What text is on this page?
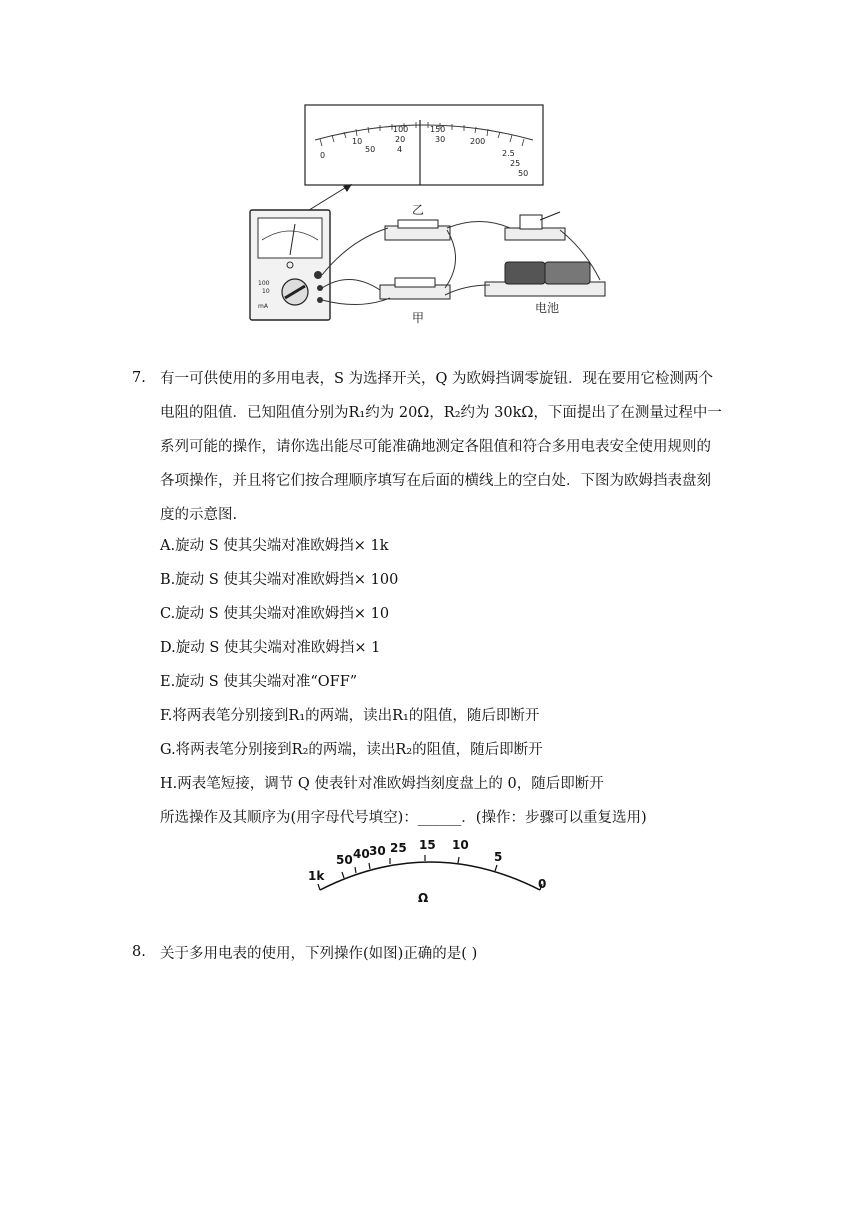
0
10
50
100
20
4
150
30	200
2.5
25
50
100
10
mA
乙
甲
电池
7. 有一可供使用的多用电表，S 为选择开关，Q 为欧姆挡调零旋钮．现在要用它检测两个
电阻的阻值．已知阻值分别为R₁约为 20Ω，R₂约为 30kΩ，下面提出了在测量过程中一
系列可能的操作，请你选出能尽可能准确地测定各阻值和符合多用电表安全使用规则的
各项操作，并且将它们按合理顺序填写在后面的横线上的空白处．下图为欧姆挡表盘刻
度的示意图.
A.旋动 S 使其尖端对准欧姆挡× 1k
B.旋动 S 使其尖端对准欧姆挡× 100
C.旋动 S 使其尖端对准欧姆挡× 10
D.旋动 S 使其尖端对准欧姆挡× 1
E.旋动 S 使其尖端对准“OFF”
F.将两表笔分别接到R₁的两端，读出R₁的阻值，随后即断开
G.将两表笔分别接到R₂的两端，读出R₂的阻值，随后即断开
H.两表笔短接，调节 Q 使表针对准欧姆挡刻度盘上的 0，随后即断开
所选操作及其顺序为(用字母代号填空)：______．(操作：步骤可以重复选用)
1k
50 40 30 25 15 10
5
0
Ω
8. 关于多用电表的使用，下列操作(如图)正确的是( )
